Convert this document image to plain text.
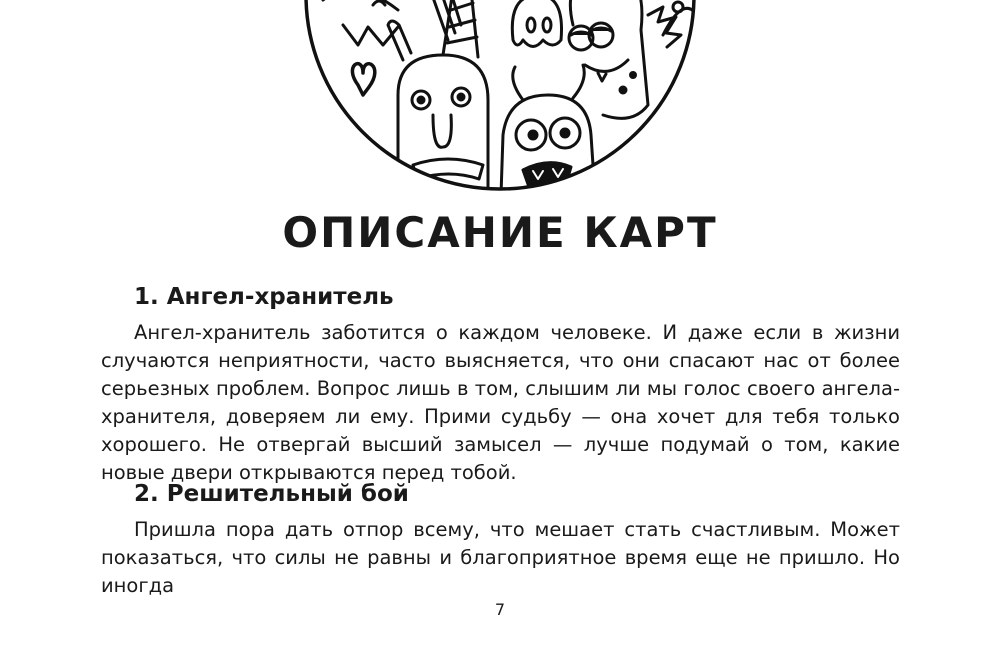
ОПИСАНИЕ КАРТ
1. Ангел-хранитель

Ангел-хранитель заботится о каждом человеке. И даже если в жизни случаются неприятности, часто выясняется, что они спасают нас от более серьезных проблем. Вопрос лишь в том, слышим ли мы голос своего ангела-хранителя, доверяем ли ему. Прими судьбу — она хочет для тебя только хорошего. Не отвергай высший замысел — лучше подумай о том, какие новые двери открываются перед тобой.

2. Решительный бой

Пришла пора дать отпор всему, что мешает стать счастливым. Может показаться, что силы не равны и благоприятное время еще не пришло. Но иногда

7
